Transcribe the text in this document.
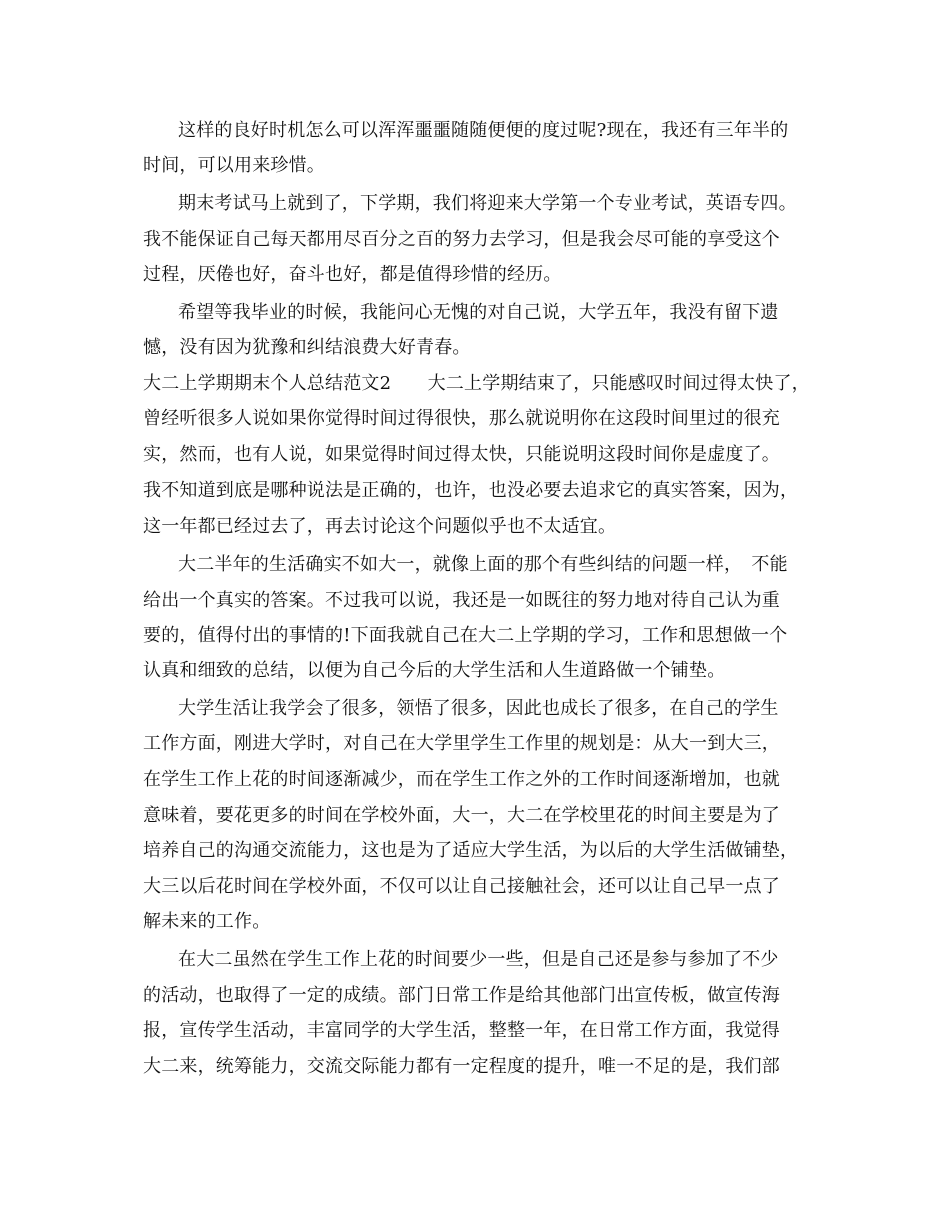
这样的良好时机怎么可以浑浑噩噩随随便便的度过呢?现在，我还有三年半的
时间，可以用来珍惜。
期末考试马上就到了，下学期，我们将迎来大学第一个专业考试，英语专四。
我不能保证自己每天都用尽百分之百的努力去学习，但是我会尽可能的享受这个
过程，厌倦也好，奋斗也好，都是值得珍惜的经历。
希望等我毕业的时候，我能问心无愧的对自己说，大学五年，我没有留下遗
憾，没有因为犹豫和纠结浪费大好青春。
大二上学期期末个人总结范文2　　大二上学期结束了，只能感叹时间过得太快了，
曾经听很多人说如果你觉得时间过得很快，那么就说明你在这段时间里过的很充
实，然而，也有人说，如果觉得时间过得太快，只能说明这段时间你是虚度了。
我不知道到底是哪种说法是正确的，也许，也没必要去追求它的真实答案，因为，
这一年都已经过去了，再去讨论这个问题似乎也不太适宜。
大二半年的生活确实不如大一，就像上面的那个有些纠结的问题一样，　不能
给出一个真实的答案。不过我可以说，我还是一如既往的努力地对待自己认为重
要的，值得付出的事情的!下面我就自己在大二上学期的学习，工作和思想做一个
认真和细致的总结，以便为自己今后的大学生活和人生道路做一个铺垫。
大学生活让我学会了很多，领悟了很多，因此也成长了很多，在自己的学生
工作方面，刚进大学时，对自己在大学里学生工作里的规划是：从大一到大三，
在学生工作上花的时间逐渐减少，而在学生工作之外的工作时间逐渐增加，也就
意味着，要花更多的时间在学校外面，大一，大二在学校里花的时间主要是为了
培养自己的沟通交流能力，这也是为了适应大学生活，为以后的大学生活做铺垫，
大三以后花时间在学校外面，不仅可以让自己接触社会，还可以让自己早一点了
解未来的工作。
在大二虽然在学生工作上花的时间要少一些，但是自己还是参与参加了不少
的活动，也取得了一定的成绩。部门日常工作是给其他部门出宣传板，做宣传海
报，宣传学生活动，丰富同学的大学生活，整整一年，在日常工作方面，我觉得
大二来，统筹能力，交流交际能力都有一定程度的提升，唯一不足的是，我们部
